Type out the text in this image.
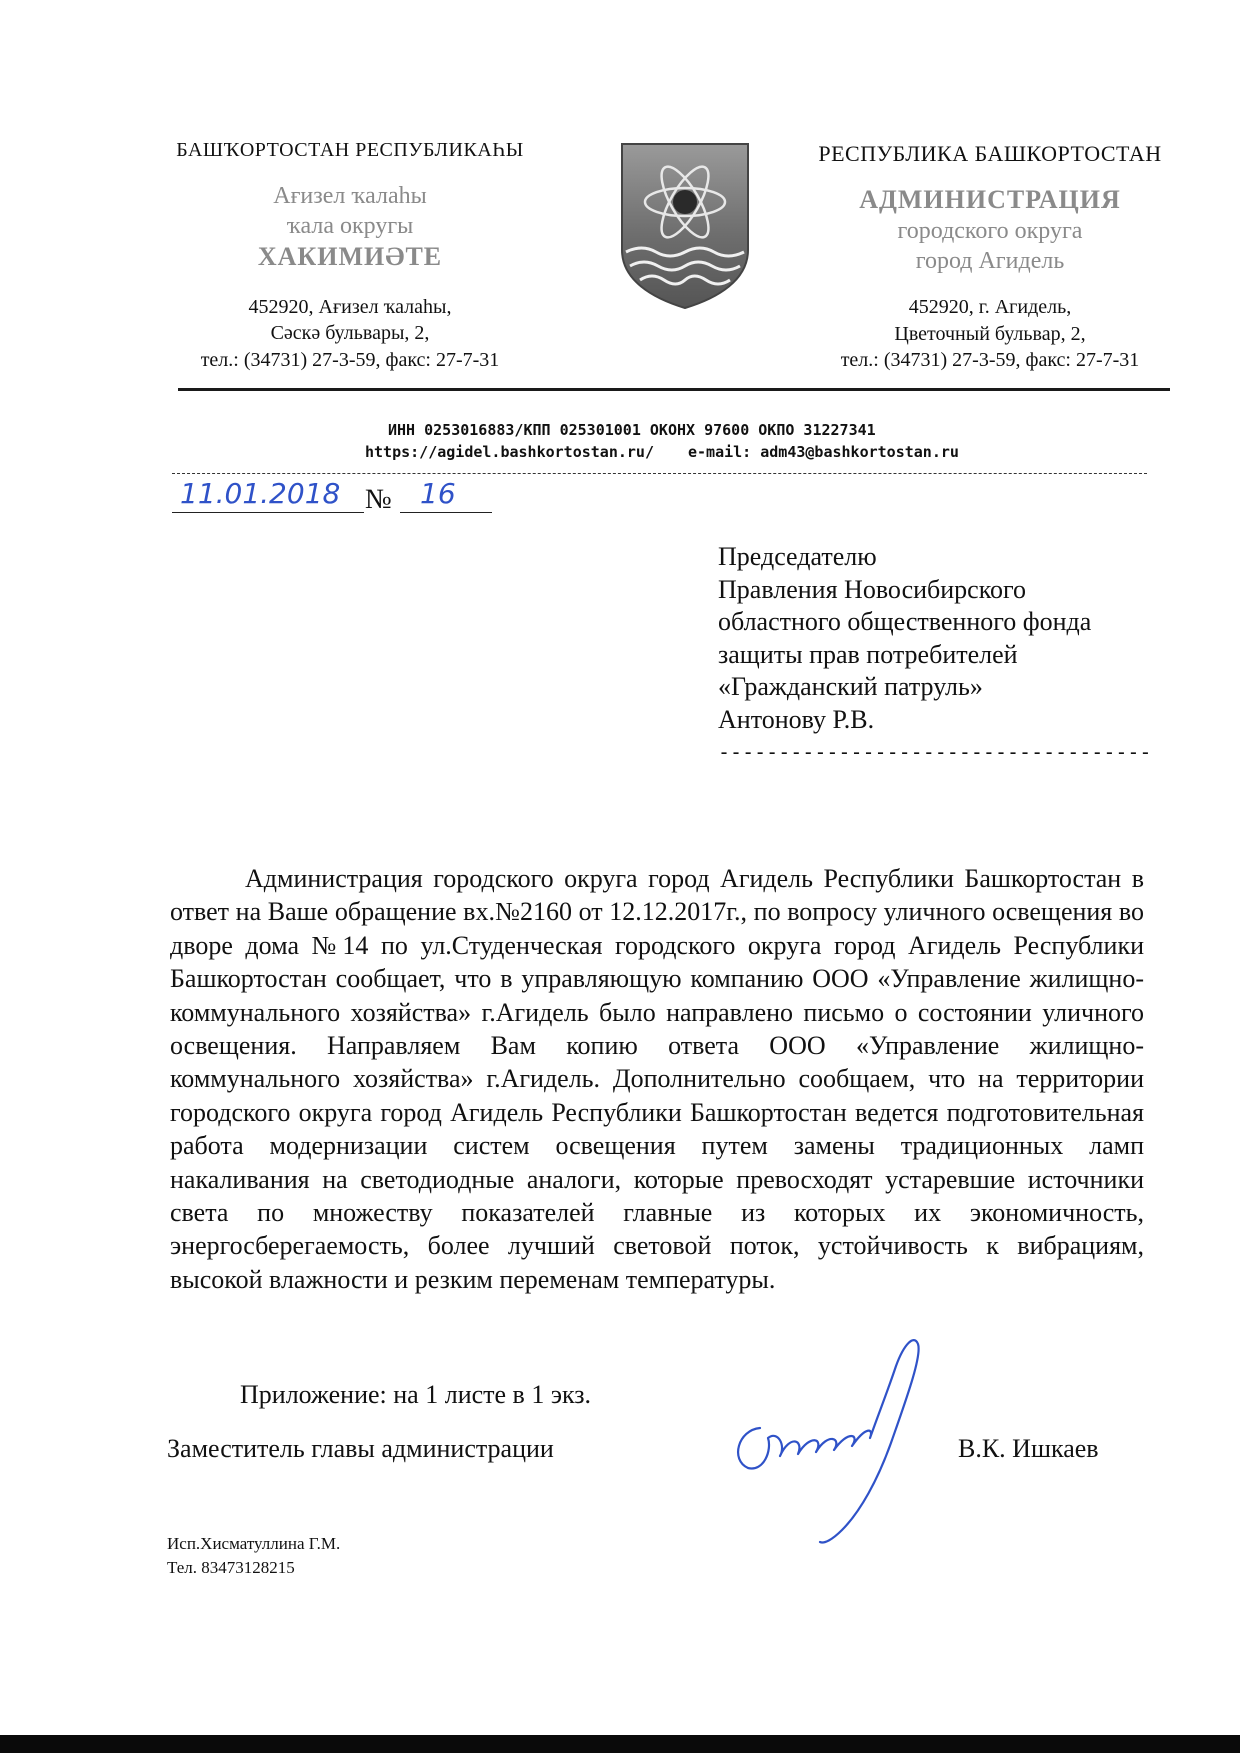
БАШҠОРТОСТАН РЕСПУБЛИКАҺЫ
Ағизел ҡалаһы
ҡала округы
ХАКИМИӘТЕ
452920, Ағизел ҡалаһы,
Сәскә бульвары, 2,
тел.: (34731) 27-3-59, факс: 27-7-31
РЕСПУБЛИКА БАШКОРТОСТАН
АДМИНИСТРАЦИЯ
городского округа
город Агидель
452920, г. Агидель,
Цветочный бульвар, 2,
тел.: (34731) 27-3-59, факс: 27-7-31
ИНН 0253016883/КПП 025301001 ОКОНХ 97600 ОКПО 31227341
https://agidel.bashkortostan.ru/ e-mail: adm43@bashkortostan.ru
11.01.2018 № 16
Председателю
Правления Новосибирского
областного общественного фонда
защиты прав потребителей
«Гражданский патруль»
Антонову Р.В.
------------------------------------

Администрация городского округа город Агидель Республики Башкортостан в ответ на Ваше обращение вх.№2160 от 12.12.2017г., по вопросу уличного освещения во дворе дома №14 по ул.Студенческая городского округа город Агидель Республики Башкортостан сообщает, что в управляющую компанию ООО «Управление жилищно-коммунального хозяйства» г.Агидель было направлено письмо о состоянии уличного освещения. Направляем Вам копию ответа ООО «Управление жилищно-коммунального хозяйства» г.Агидель. Дополнительно сообщаем, что на территории городского округа город Агидель Республики Башкортостан ведется подготовительная работа модернизации систем освещения путем замены традиционных ламп накаливания на светодиодные аналоги, которые превосходят устаревшие источники света по множеству показателей главные из которых их экономичность, энергосберегаемость, более лучший световой поток, устойчивость к вибрациям, высокой влажности и резким переменам температуры.

Приложение: на 1 листе в 1 экз.
Заместитель главы администрации	В.К. Ишкаев
Исп.Хисматуллина Г.М.
Тел. 83473128215
